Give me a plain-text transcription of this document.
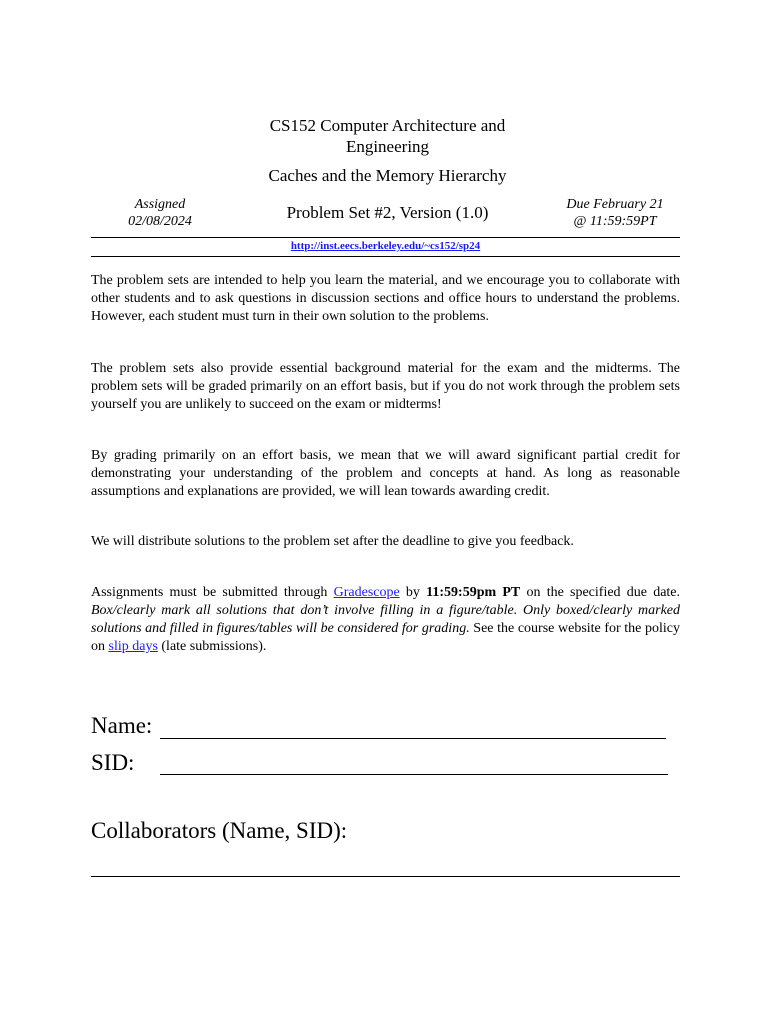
CS152 Computer Architecture and Engineering
Caches and the Memory Hierarchy
Assigned
02/08/2024	Problem Set #2, Version (1.0)	Due February 21
@ 11:59:59PT
http://inst.eecs.berkeley.edu/~cs152/sp24
The problem sets are intended to help you learn the material, and we encourage you to collaborate with other students and to ask questions in discussion sections and office hours to understand the problems. However, each student must turn in their own solution to the problems.
The problem sets also provide essential background material for the exam and the midterms. The problem sets will be graded primarily on an effort basis, but if you do not work through the problem sets yourself you are unlikely to succeed on the exam or midterms!
By grading primarily on an effort basis, we mean that we will award significant partial credit for demonstrating your understanding of the problem and concepts at hand. As long as reasonable assumptions and explanations are provided, we will lean towards awarding credit.
We will distribute solutions to the problem set after the deadline to give you feedback.
Assignments must be submitted through Gradescope by 11:59:59pm PT on the specified due date. Box/clearly mark all solutions that don’t involve filling in a figure/table. Only boxed/clearly marked solutions and filled in figures/tables will be considered for grading. See the course website for the policy on slip days (late submissions).
Name:
SID:
Collaborators (Name, SID):
